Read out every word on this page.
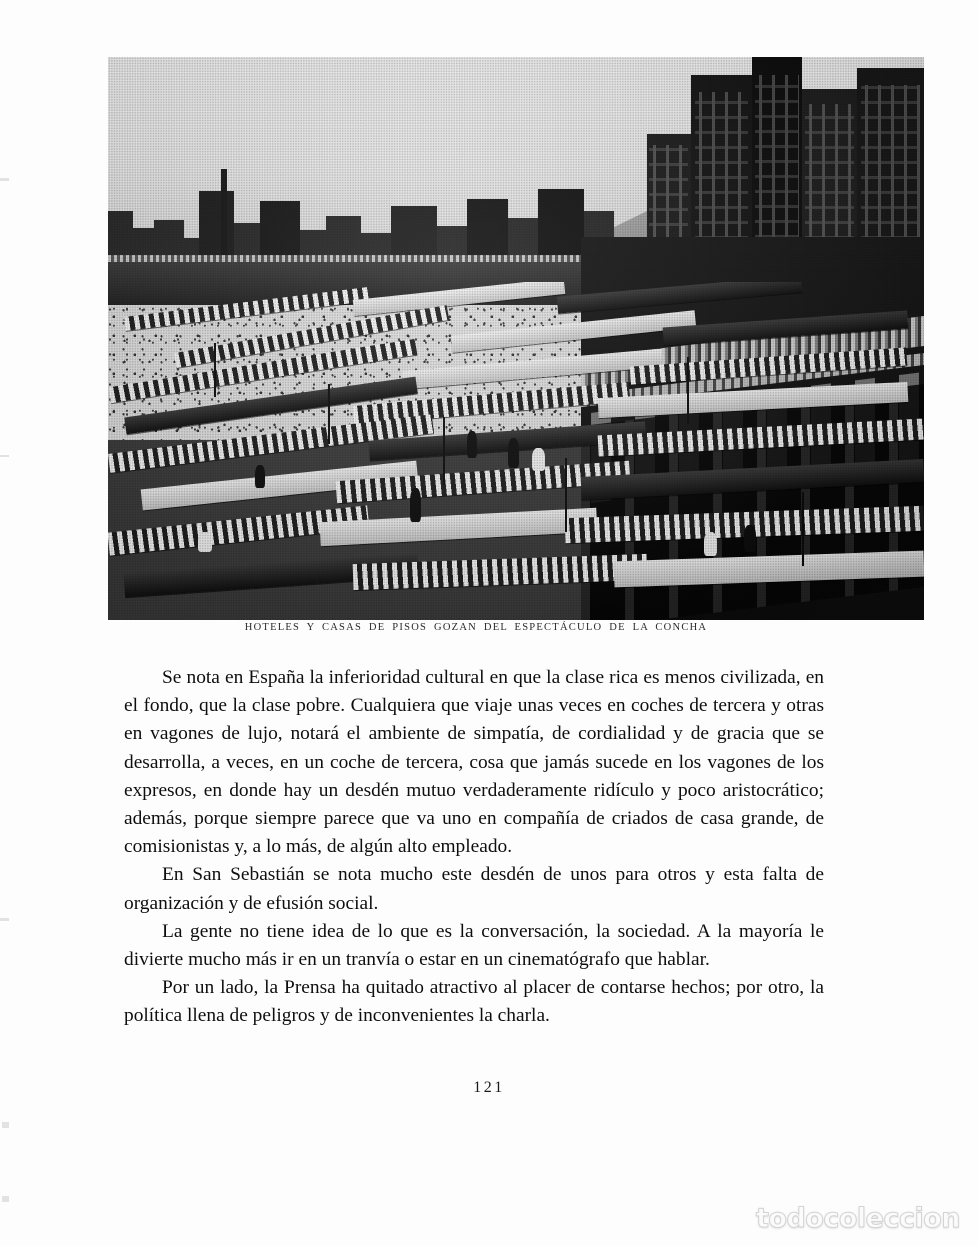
HOTELES Y CASAS DE PISOS GOZAN DEL ESPECTÁCULO DE LA CONCHA

Se nota en España la inferioridad cultural en que la clase rica es menos civilizada, en el fondo, que la clase pobre. Cualquiera que viaje unas veces en coches de tercera y otras en vagones de lujo, notará el ambiente de simpatía, de cordialidad y de gracia que se desarrolla, a veces, en un coche de tercera, cosa que jamás sucede en los vagones de los expresos, en donde hay un desdén mutuo verdaderamente ridículo y poco aristocrático; además, porque siempre parece que va uno en compañía de criados de casa grande, de comisionistas y, a lo más, de algún alto empleado.

En San Sebastián se nota mucho este desdén de unos para otros y esta falta de organización y de efusión social.

La gente no tiene idea de lo que es la conversación, la sociedad. A la mayoría le divierte mucho más ir en un tranvía o estar en un cinematógrafo que hablar.

Por un lado, la Prensa ha quitado atractivo al placer de contarse hechos; por otro, la política llena de peligros y de inconvenientes la charla.

121
todocoleccion
